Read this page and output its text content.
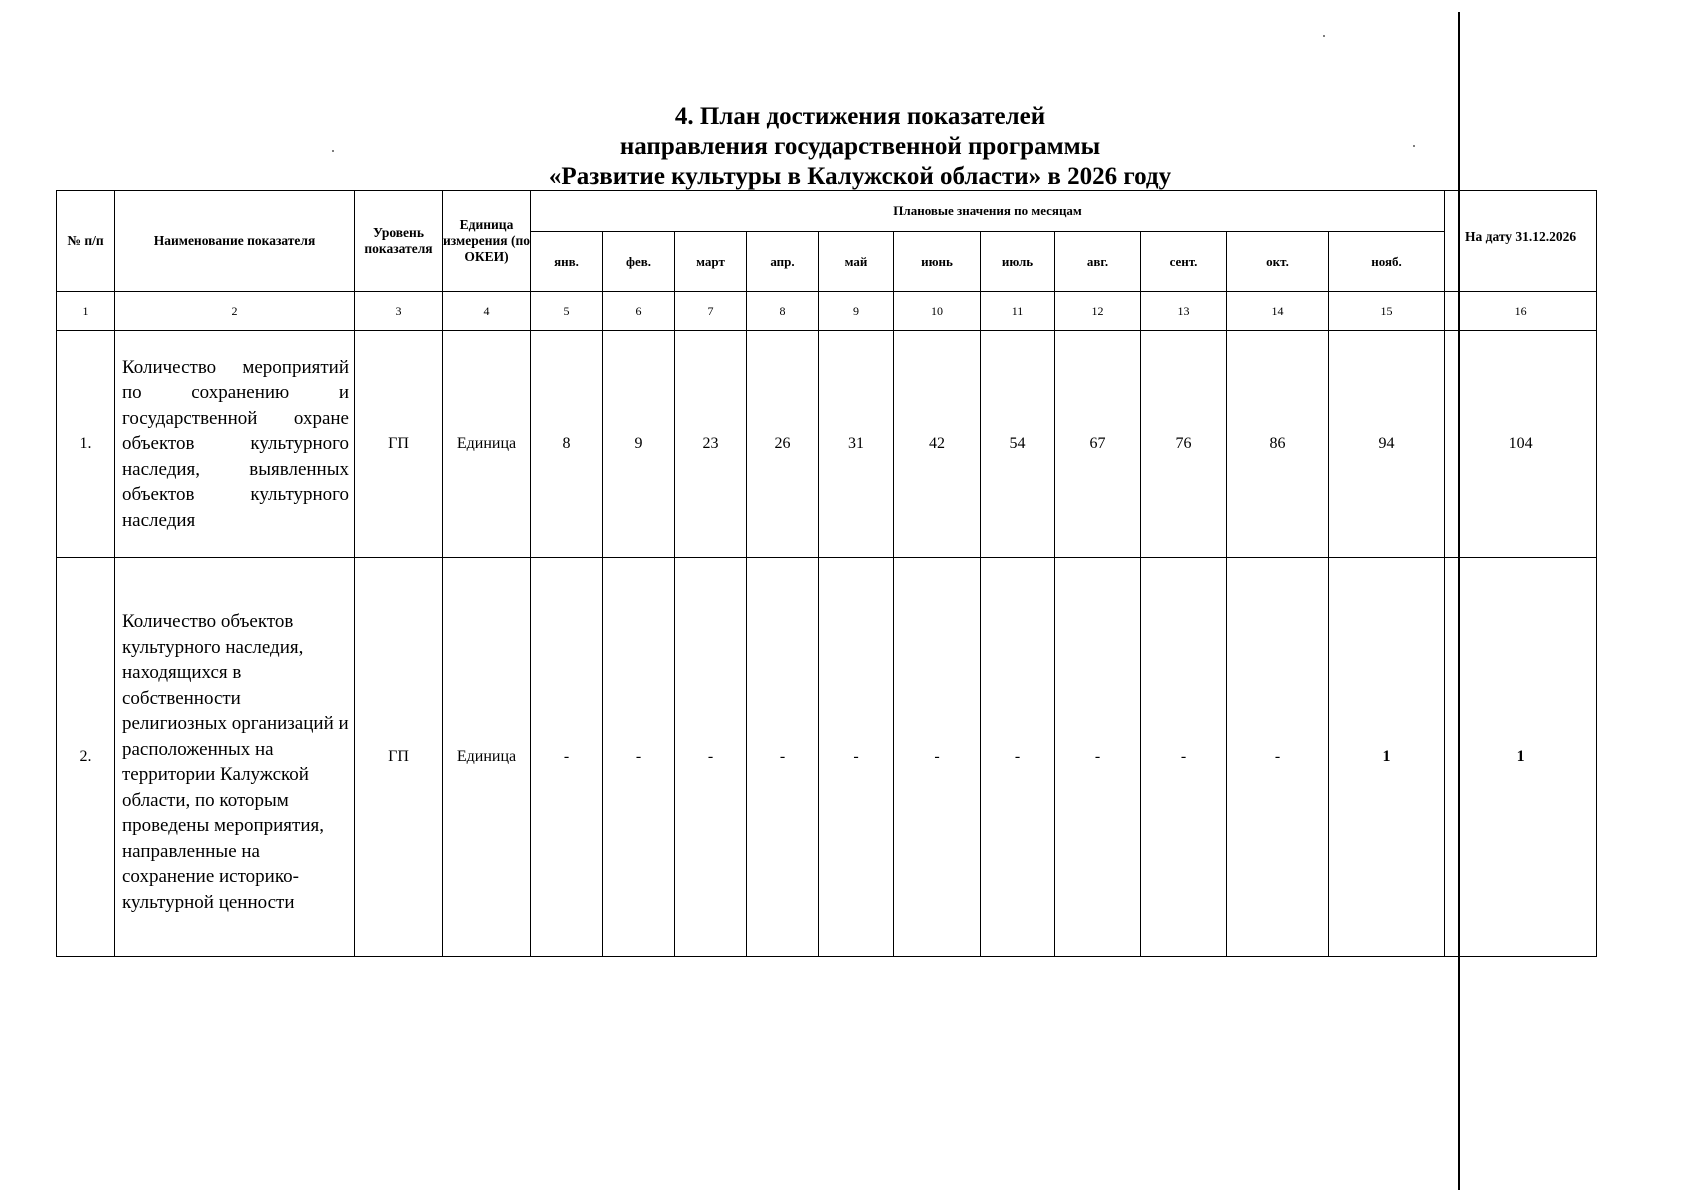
4. План достижения показателей
направления государственной программы
«Развитие культуры в Калужской области» в 2026 году
№ п/п	Наименование показателя	Уровень показателя	Единица измерения (по ОКЕИ)	Плановые значения по месяцам											На дату 31.12.2026
				янв.	фев.	март	апр.	май	июнь	июль	авг.	сент.	окт.	нояб.	
1	2	3	4	5	6	7	8	9	10	11	12	13	14	15	16
1.	Количество мероприятий по сохранению и государственной охране объектов культурного наследия, выявленных объектов культурного наследия	ГП	Единица	8	9	23	26	31	42	54	67	76	86	94	104
2.	Количество объектов культурного наследия, находящихся в собственности религиозных организаций и расположенных на территории Калужской области, по которым проведены мероприятия, направленные на сохранение историко-культурной ценности	ГП	Единица	-	-	-	-	-	-	-	-	-	-	1	1
